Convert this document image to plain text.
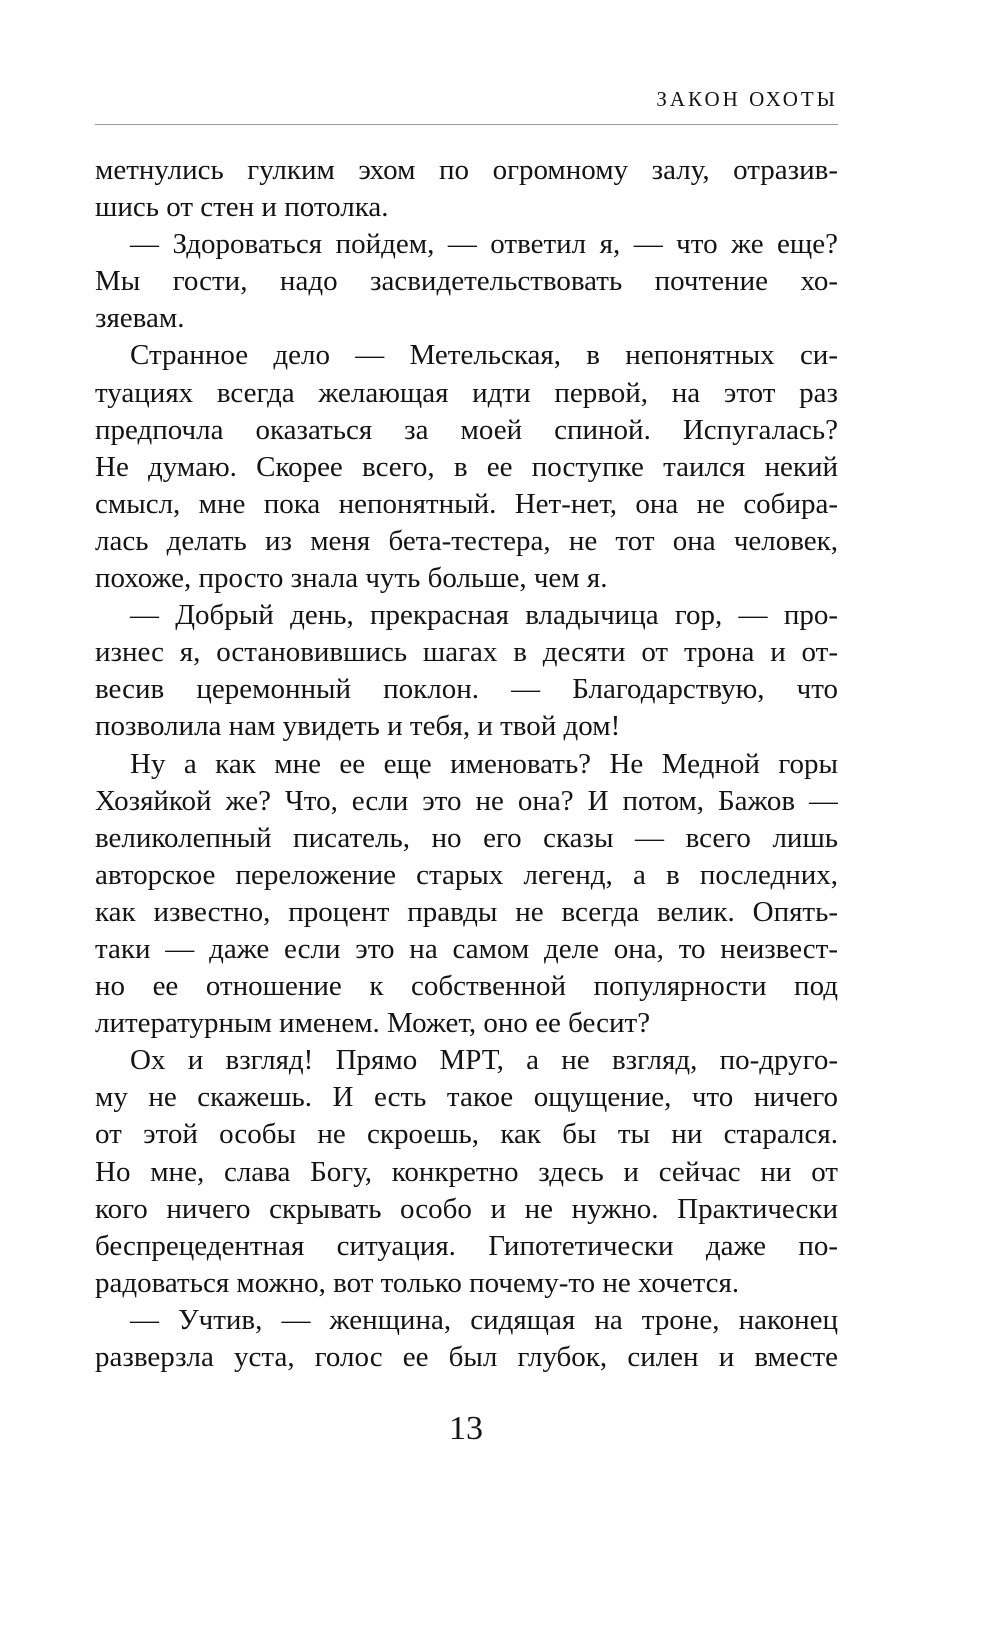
ЗАКОН ОХОТЫ
метнулись гулким эхом по огромному залу, отразив-
шись от стен и потолка.
— Здороваться пойдем, — ответил я, — что же еще?
Мы гости, надо засвидетельствовать почтение хо-
зяевам.
Странное дело — Метельская, в непонятных си-
туациях всегда желающая идти первой, на этот раз
предпочла оказаться за моей спиной. Испугалась?
Не думаю. Скорее всего, в ее поступке таился некий
смысл, мне пока непонятный. Нет-нет, она не собира-
лась делать из меня бета-тестера, не тот она человек,
похоже, просто знала чуть больше, чем я.
— Добрый день, прекрасная владычица гор, — про-
изнес я, остановившись шагах в десяти от трона и от-
весив церемонный поклон. — Благодарствую, что
позволила нам увидеть и тебя, и твой дом!
Ну а как мне ее еще именовать? Не Медной горы
Хозяйкой же? Что, если это не она? И потом, Бажов —
великолепный писатель, но его сказы — всего лишь
авторское переложение старых легенд, а в последних,
как известно, процент правды не всегда велик. Опять-
таки — даже если это на самом деле она, то неизвест-
но ее отношение к собственной популярности под
литературным именем. Может, оно ее бесит?
Ох и взгляд! Прямо МРТ, а не взгляд, по-друго-
му не скажешь. И есть такое ощущение, что ничего
от этой особы не скроешь, как бы ты ни старался.
Но мне, слава Богу, конкретно здесь и сейчас ни от
кого ничего скрывать особо и не нужно. Практически
беспрецедентная ситуация. Гипотетически даже по-
радоваться можно, вот только почему-то не хочется.
— Учтив, — женщина, сидящая на троне, наконец
разверзла уста, голос ее был глубок, силен и вместе
13
